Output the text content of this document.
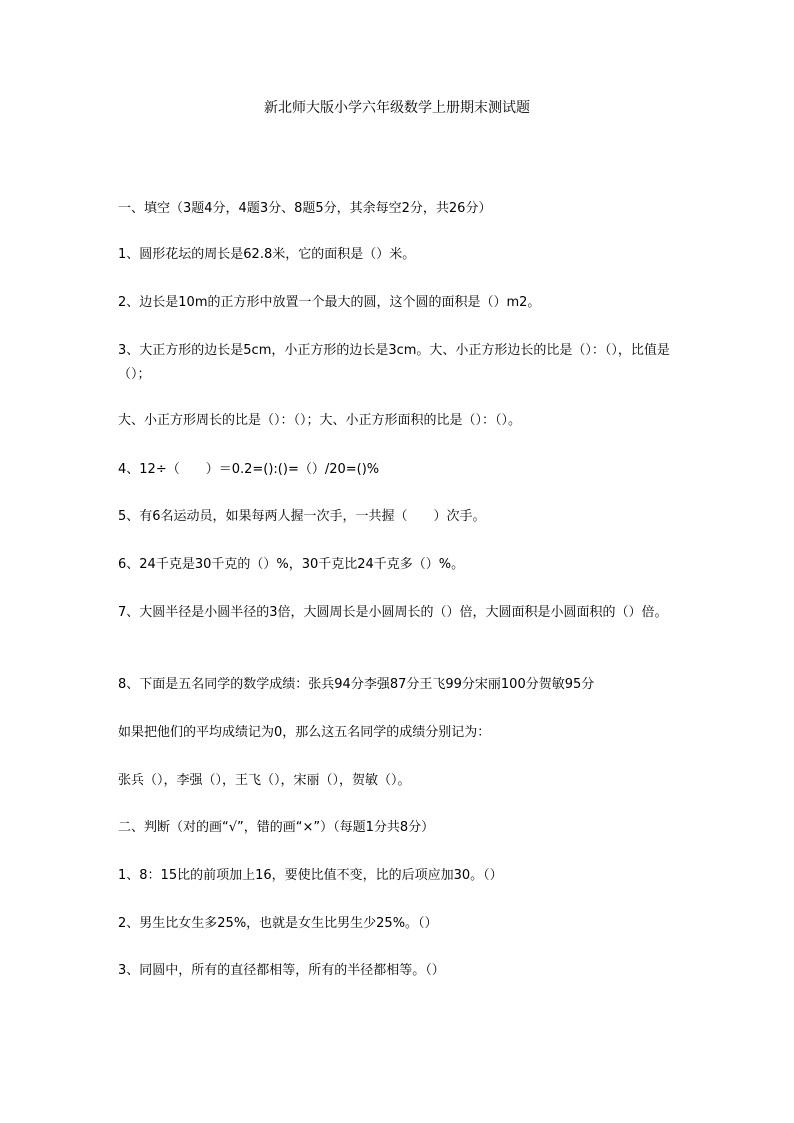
新北师大版小学六年级数学上册期末测试题
一、填空（3题4分，4题3分、8题5分，其余每空2分，共26分）
1、圆形花坛的周长是62.8米，它的面积是（）米。
2、边长是10m的正方形中放置一个最大的圆，这个圆的面积是（）m2。
3、大正方形的边长是5cm，小正方形的边长是3cm。大、小正方形边长的比是（）：（），比值是（）；
大、小正方形周长的比是（）：（）；大、小正方形面积的比是（）：（）。
4、12÷（　　）＝0.2=():()=（）/20=()%
5、有6名运动员，如果每两人握一次手，一共握（　　）次手。
6、24千克是30千克的（）%，30千克比24千克多（）%。
7、大圆半径是小圆半径的3倍，大圆周长是小圆周长的（）倍，大圆面积是小圆面积的（）倍。
8、下面是五名同学的数学成绩：张兵94分李强87分王飞99分宋丽100分贺敏95分
如果把他们的平均成绩记为0，那么这五名同学的成绩分别记为：
张兵（），李强（），王飞（），宋丽（），贺敏（）。
二、判断（对的画“√”，错的画“×”）（每题1分共8分）
1、8：15比的前项加上16，要使比值不变，比的后项应加30。（）
2、男生比女生多25%，也就是女生比男生少25%。（）
3、同圆中，所有的直径都相等，所有的半径都相等。（）
